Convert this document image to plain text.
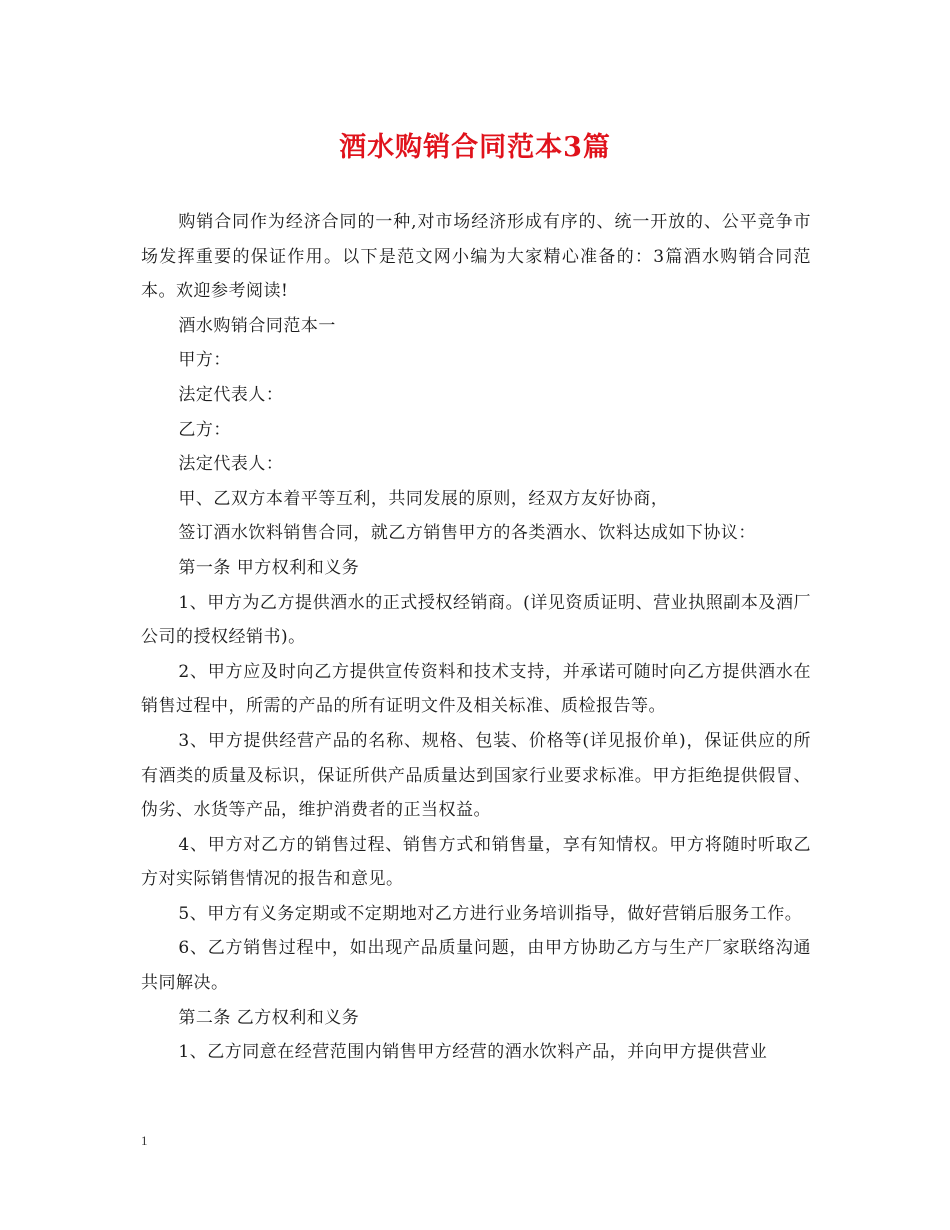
酒水购销合同范本3篇

购销合同作为经济合同的一种,对市场经济形成有序的、统一开放的、公平竞争市场发挥重要的保证作用。以下是范文网小编为大家精心准备的：3篇酒水购销合同范本。欢迎参考阅读!

酒水购销合同范本一

甲方：

法定代表人：

乙方：

法定代表人：

甲、乙双方本着平等互利，共同发展的原则，经双方友好协商，

签订酒水饮料销售合同，就乙方销售甲方的各类酒水、饮料达成如下协议：

第一条 甲方权利和义务

1、甲方为乙方提供酒水的正式授权经销商。(详见资质证明、营业执照副本及酒厂公司的授权经销书)。

2、甲方应及时向乙方提供宣传资料和技术支持，并承诺可随时向乙方提供酒水在销售过程中，所需的产品的所有证明文件及相关标准、质检报告等。

3、甲方提供经营产品的名称、规格、包装、价格等(详见报价单)，保证供应的所有酒类的质量及标识，保证所供产品质量达到国家行业要求标准。甲方拒绝提供假冒、伪劣、水货等产品，维护消费者的正当权益。

4、甲方对乙方的销售过程、销售方式和销售量，享有知情权。甲方将随时听取乙方对实际销售情况的报告和意见。

5、甲方有义务定期或不定期地对乙方进行业务培训指导，做好营销后服务工作。

6、乙方销售过程中，如出现产品质量问题，由甲方协助乙方与生产厂家联络沟通共同解决。

第二条 乙方权利和义务

1、乙方同意在经营范围内销售甲方经营的酒水饮料产品，并向甲方提供营业

1
